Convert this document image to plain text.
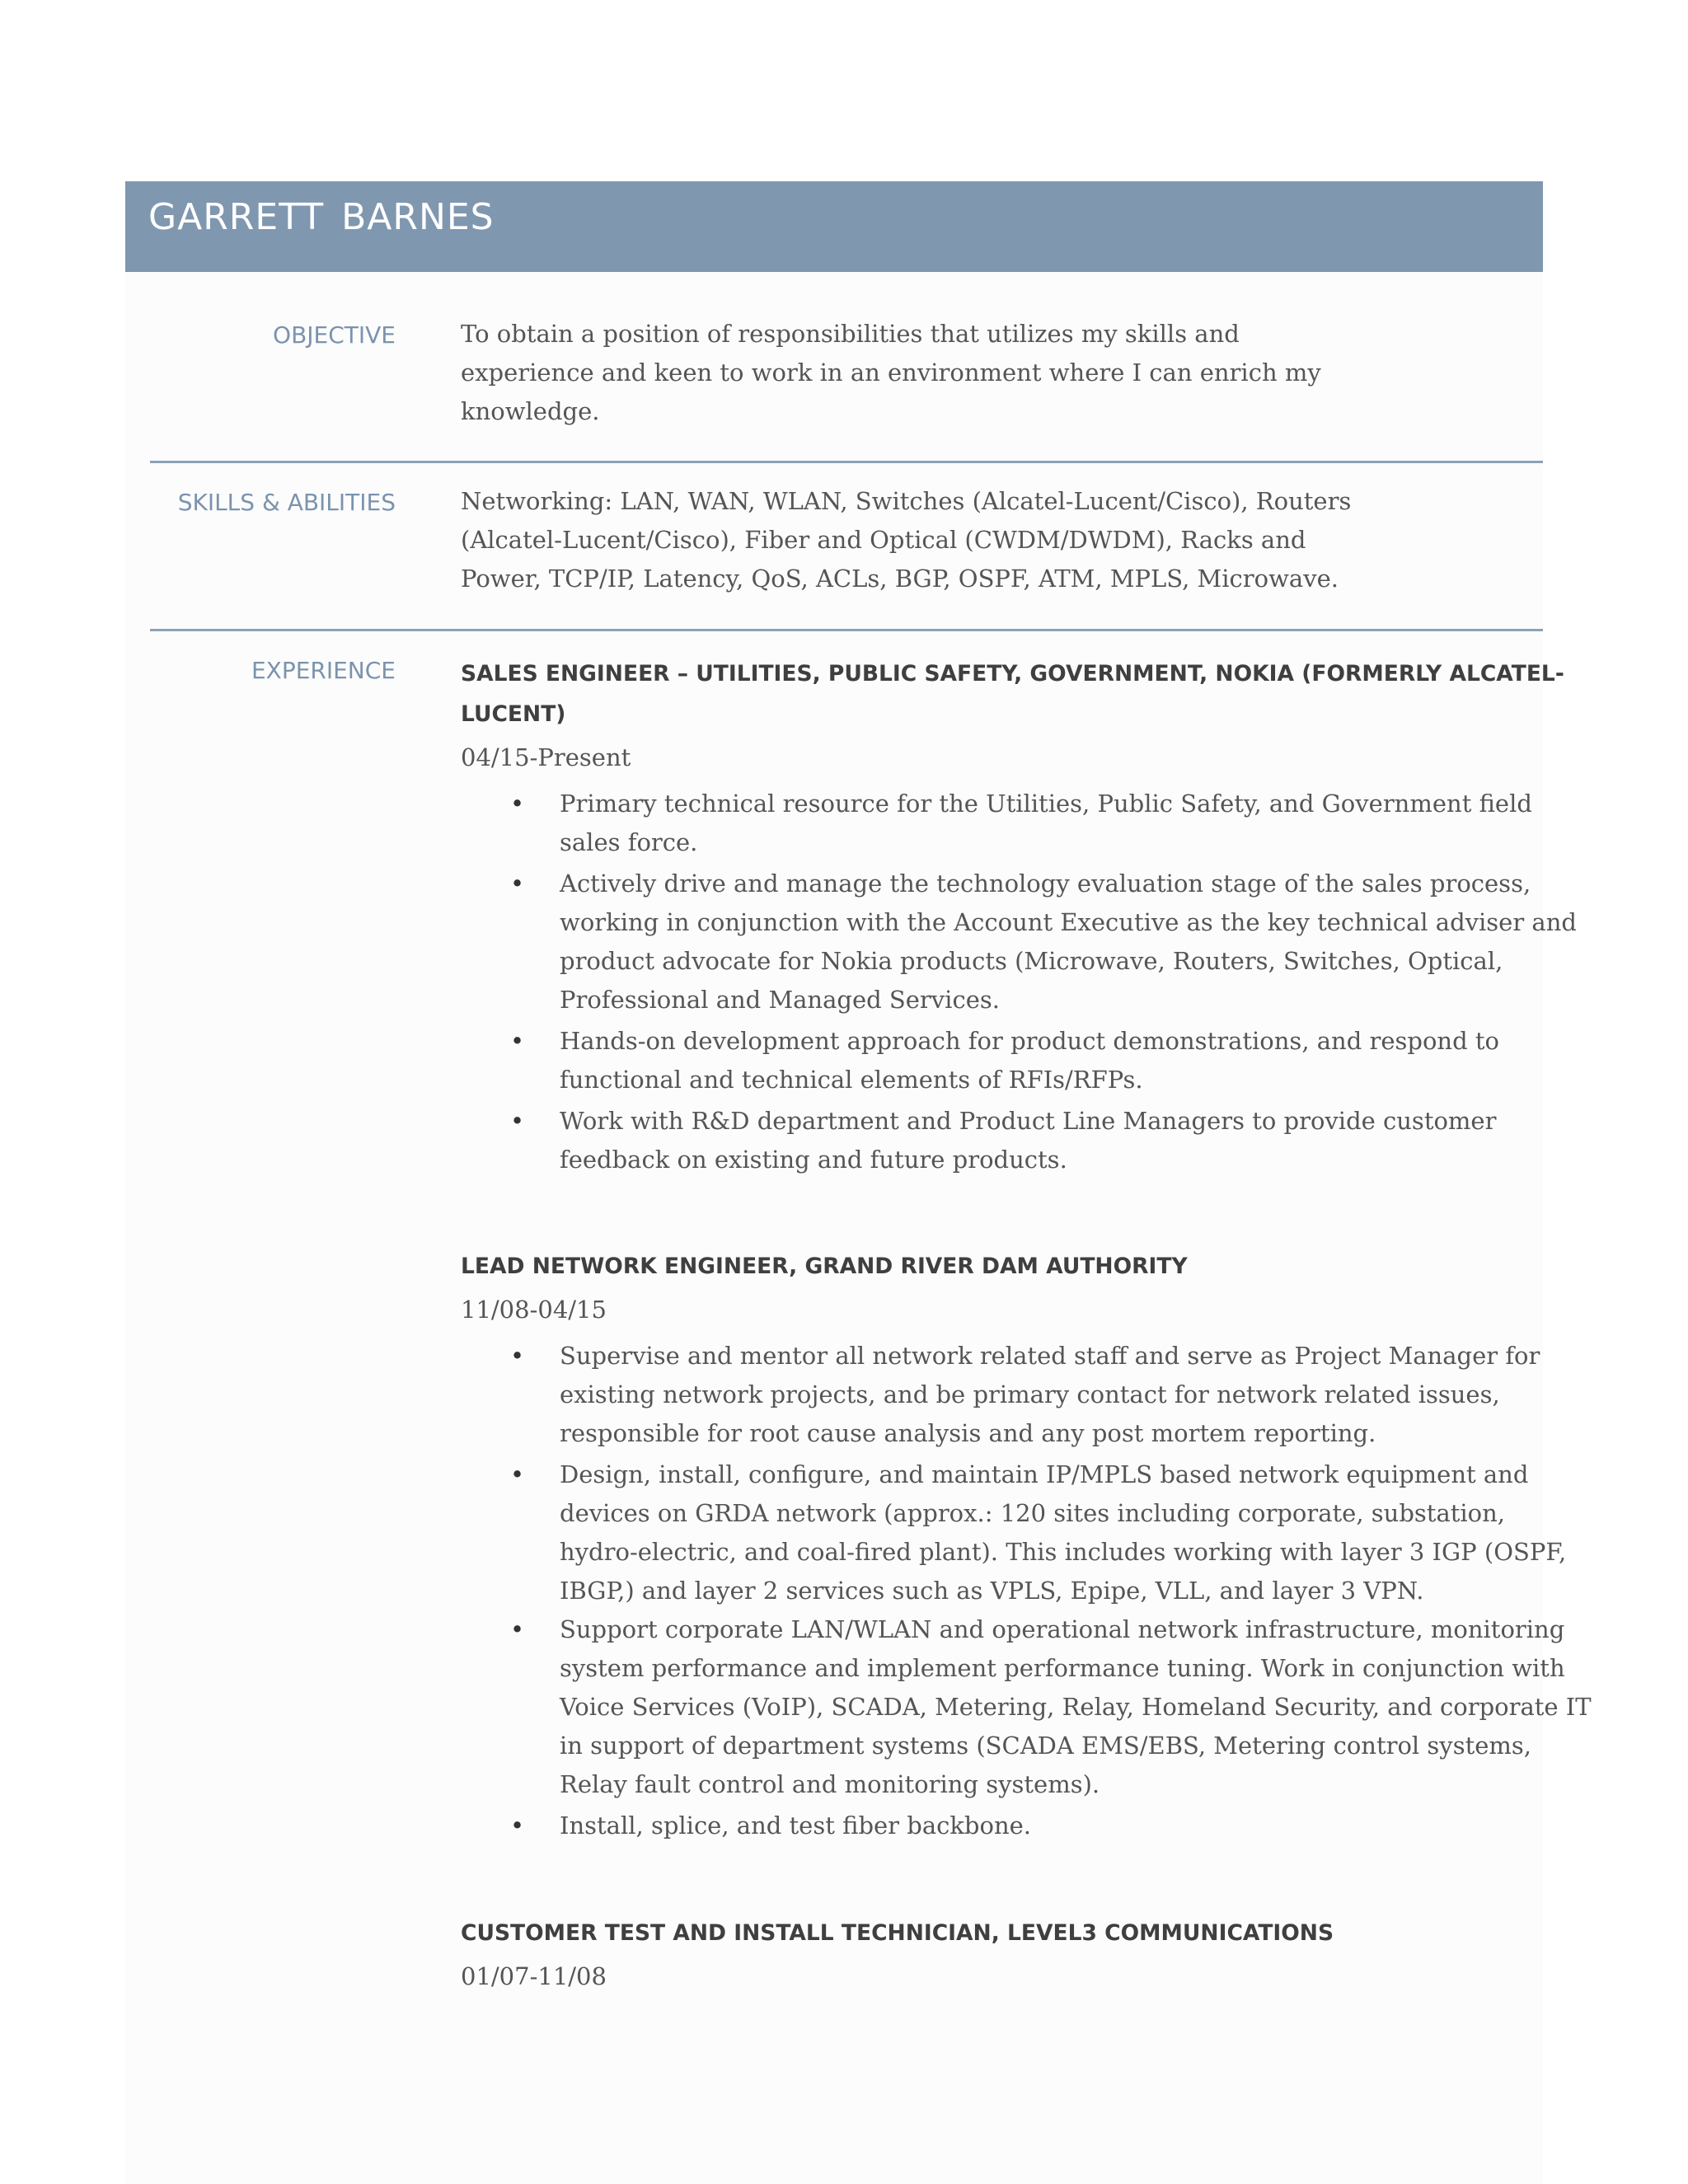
GARRETT BARNES
OBJECTIVE	To obtain a position of responsibilities that utilizes my skills and
experience and keen to work in an environment where I can enrich my
knowledge.
SKILLS & ABILITIES	Networking: LAN, WAN, WLAN, Switches (Alcatel-Lucent/Cisco), Routers
(Alcatel-Lucent/Cisco), Fiber and Optical (CWDM/DWDM), Racks and
Power, TCP/IP, Latency, QoS, ACLs, BGP, OSPF, ATM, MPLS, Microwave.
EXPERIENCE	SALES ENGINEER – UTILITIES, PUBLIC SAFETY, GOVERNMENT, NOKIA (FORMERLY ALCATEL-
LUCENT)
04/15-Present
• Primary technical resource for the Utilities, Public Safety, and Government field
sales force.
• Actively drive and manage the technology evaluation stage of the sales process,
working in conjunction with the Account Executive as the key technical adviser and
product advocate for Nokia products (Microwave, Routers, Switches, Optical,
Professional and Managed Services.
• Hands-on development approach for product demonstrations, and respond to
functional and technical elements of RFIs/RFPs.
• Work with R&D department and Product Line Managers to provide customer
feedback on existing and future products.
LEAD NETWORK ENGINEER, GRAND RIVER DAM AUTHORITY
11/08-04/15
• Supervise and mentor all network related staff and serve as Project Manager for
existing network projects, and be primary contact for network related issues,
responsible for root cause analysis and any post mortem reporting.
• Design, install, configure, and maintain IP/MPLS based network equipment and
devices on GRDA network (approx.: 120 sites including corporate, substation,
hydro-electric, and coal-fired plant). This includes working with layer 3 IGP (OSPF,
IBGP,) and layer 2 services such as VPLS, Epipe, VLL, and layer 3 VPN.
• Support corporate LAN/WLAN and operational network infrastructure, monitoring
system performance and implement performance tuning. Work in conjunction with
Voice Services (VoIP), SCADA, Metering, Relay, Homeland Security, and corporate IT
in support of department systems (SCADA EMS/EBS, Metering control systems,
Relay fault control and monitoring systems).
• Install, splice, and test fiber backbone.
CUSTOMER TEST AND INSTALL TECHNICIAN, LEVEL3 COMMUNICATIONS
01/07-11/08
